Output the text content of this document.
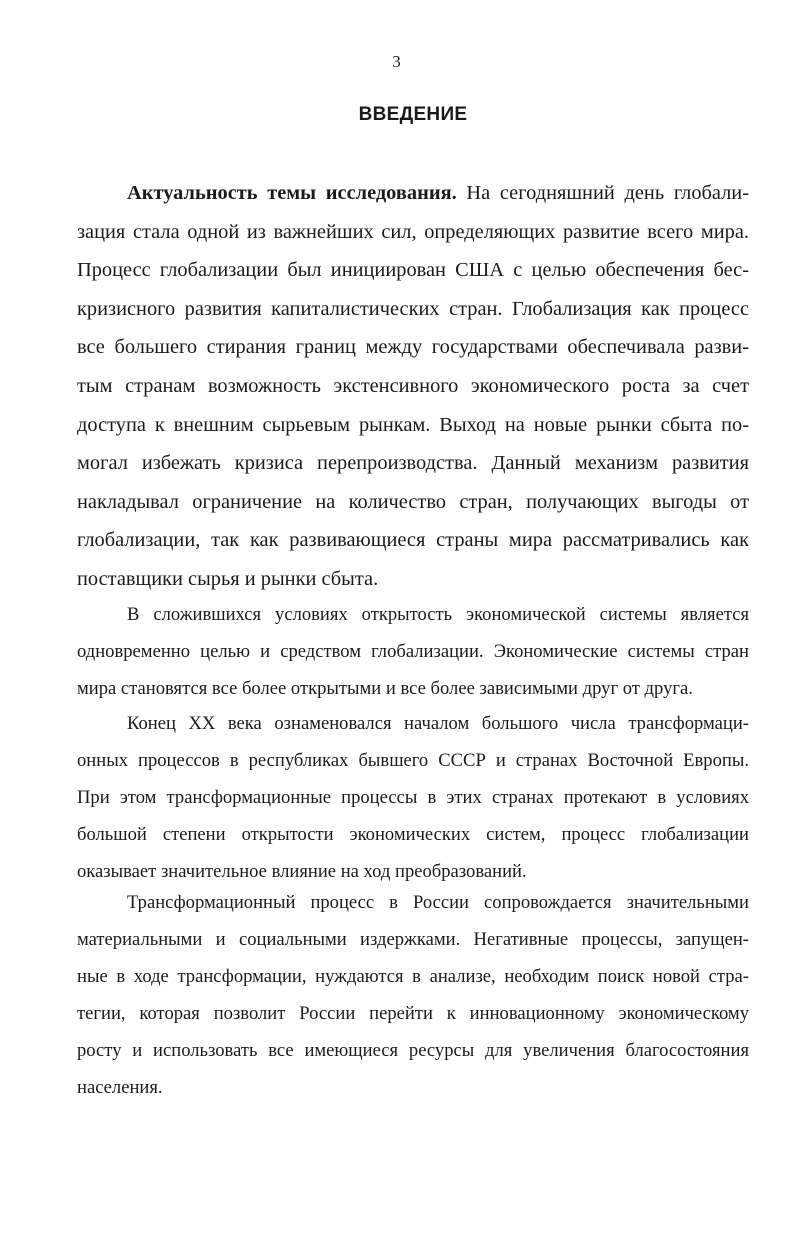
3
ВВЕДЕНИЕ
Актуальность темы исследования. На сегодняшний день глобали-
зация стала одной из важнейших сил, определяющих развитие всего мира.
Процесс глобализации был инициирован США с целью обеспечения бес-
кризисного развития капиталистических стран. Глобализация как процесс
все большего стирания границ между государствами обеспечивала разви-
тым странам возможность экстенсивного экономического роста за счет
доступа к внешним сырьевым рынкам. Выход на новые рынки сбыта по-
могал избежать кризиса перепроизводства. Данный механизм развития
накладывал ограничение на количество стран, получающих выгоды от
глобализации, так как развивающиеся страны мира рассматривались как
поставщики сырья и рынки сбыта.
В сложившихся условиях открытость экономической системы является
одновременно целью и средством глобализации. Экономические системы стран
мира становятся все более открытыми и все более зависимыми друг от друга.
Конец XX века ознаменовался началом большого числа трансформаци-
онных процессов в республиках бывшего СССР и странах Восточной Европы.
При этом трансформационные процессы в этих странах протекают в условиях
большой степени открытости экономических систем, процесс глобализации
оказывает значительное влияние на ход преобразований.
Трансформационный процесс в России сопровождается значительными
материальными и социальными издержками. Негативные процессы, запущен-
ные в ходе трансформации, нуждаются в анализе, необходим поиск новой стра-
тегии, которая позволит России перейти к инновационному экономическому
росту и использовать все имеющиеся ресурсы для увеличения благосостояния
населения.
